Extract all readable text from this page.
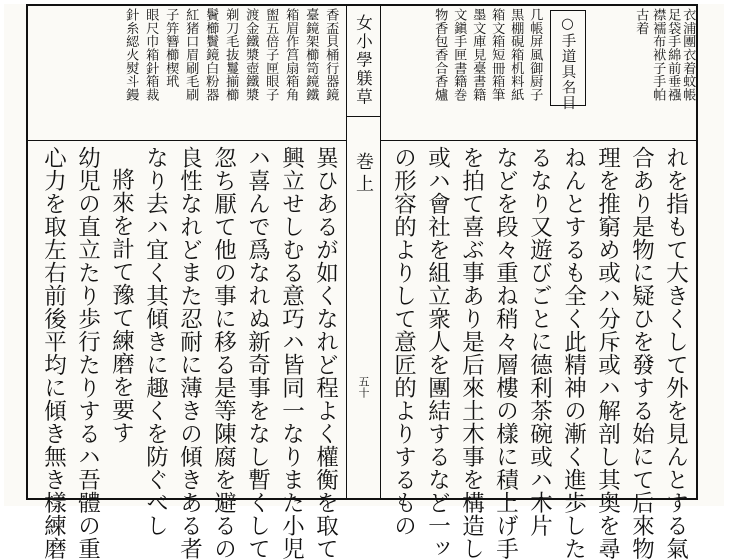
女小學躾草
巻上
五十
衣浦團衣着蚊帳
足袋手綿前垂襁
襟襦布袱子手帕
古着
○手道具名目
几帳屏風御厨子
黒棚硯箱机料紙
箱文箱短冊箱筆
墨文庫見臺書籍
文鎭手匣書籍巻
物香包香合香爐
香盃貝桶行器鏡
臺鏡架櫛笥鏡鐵
箱眉作筥扇箱角
盥五倍子匣眼子
渡金鐵漿壺鐵漿
剃刀毛抜鬘揃櫛
鬢櫛鬢鏡白粉器
紅猪口眉刷毛刷
子笄簪櫛楔玳
眼尺巾箱針箱裁
針糸綛火熨斗鏝
れを指もて大きくして外を見んとする氣
合あり是物に疑ひを發する始にて后來物
理を推窮め或ハ分斥或ハ解剖し其奥を尋
ねんとするも全く此精神の漸く進歩した
るなり又遊びごとに德利茶碗或ハ木片
などを段々重ね稍々層樓の樣に積上げ手
を拍て喜ぶ事あり是后來土木事を構造し
或ハ會社を組立衆人を團結するなど一ッ
の形容的よりして意匠的よりするもの
異ひあるが如くなれど程よく權衡を取て
興立せしむる意巧ハ皆同一なりまた小児
ハ喜んで爲なれぬ新奇事をなし暫くして
忽ち厭て他の事に移る是等陳腐を避るの
良性なれどまた忍耐に薄きの傾きある者
なり去ハ宜く其傾きに趣くを防ぐべし
將來を計て豫て練磨を要す
幼児の直立たり歩行たりするハ吾體の重
心力を取左右前後平均に傾き無き樣練磨
